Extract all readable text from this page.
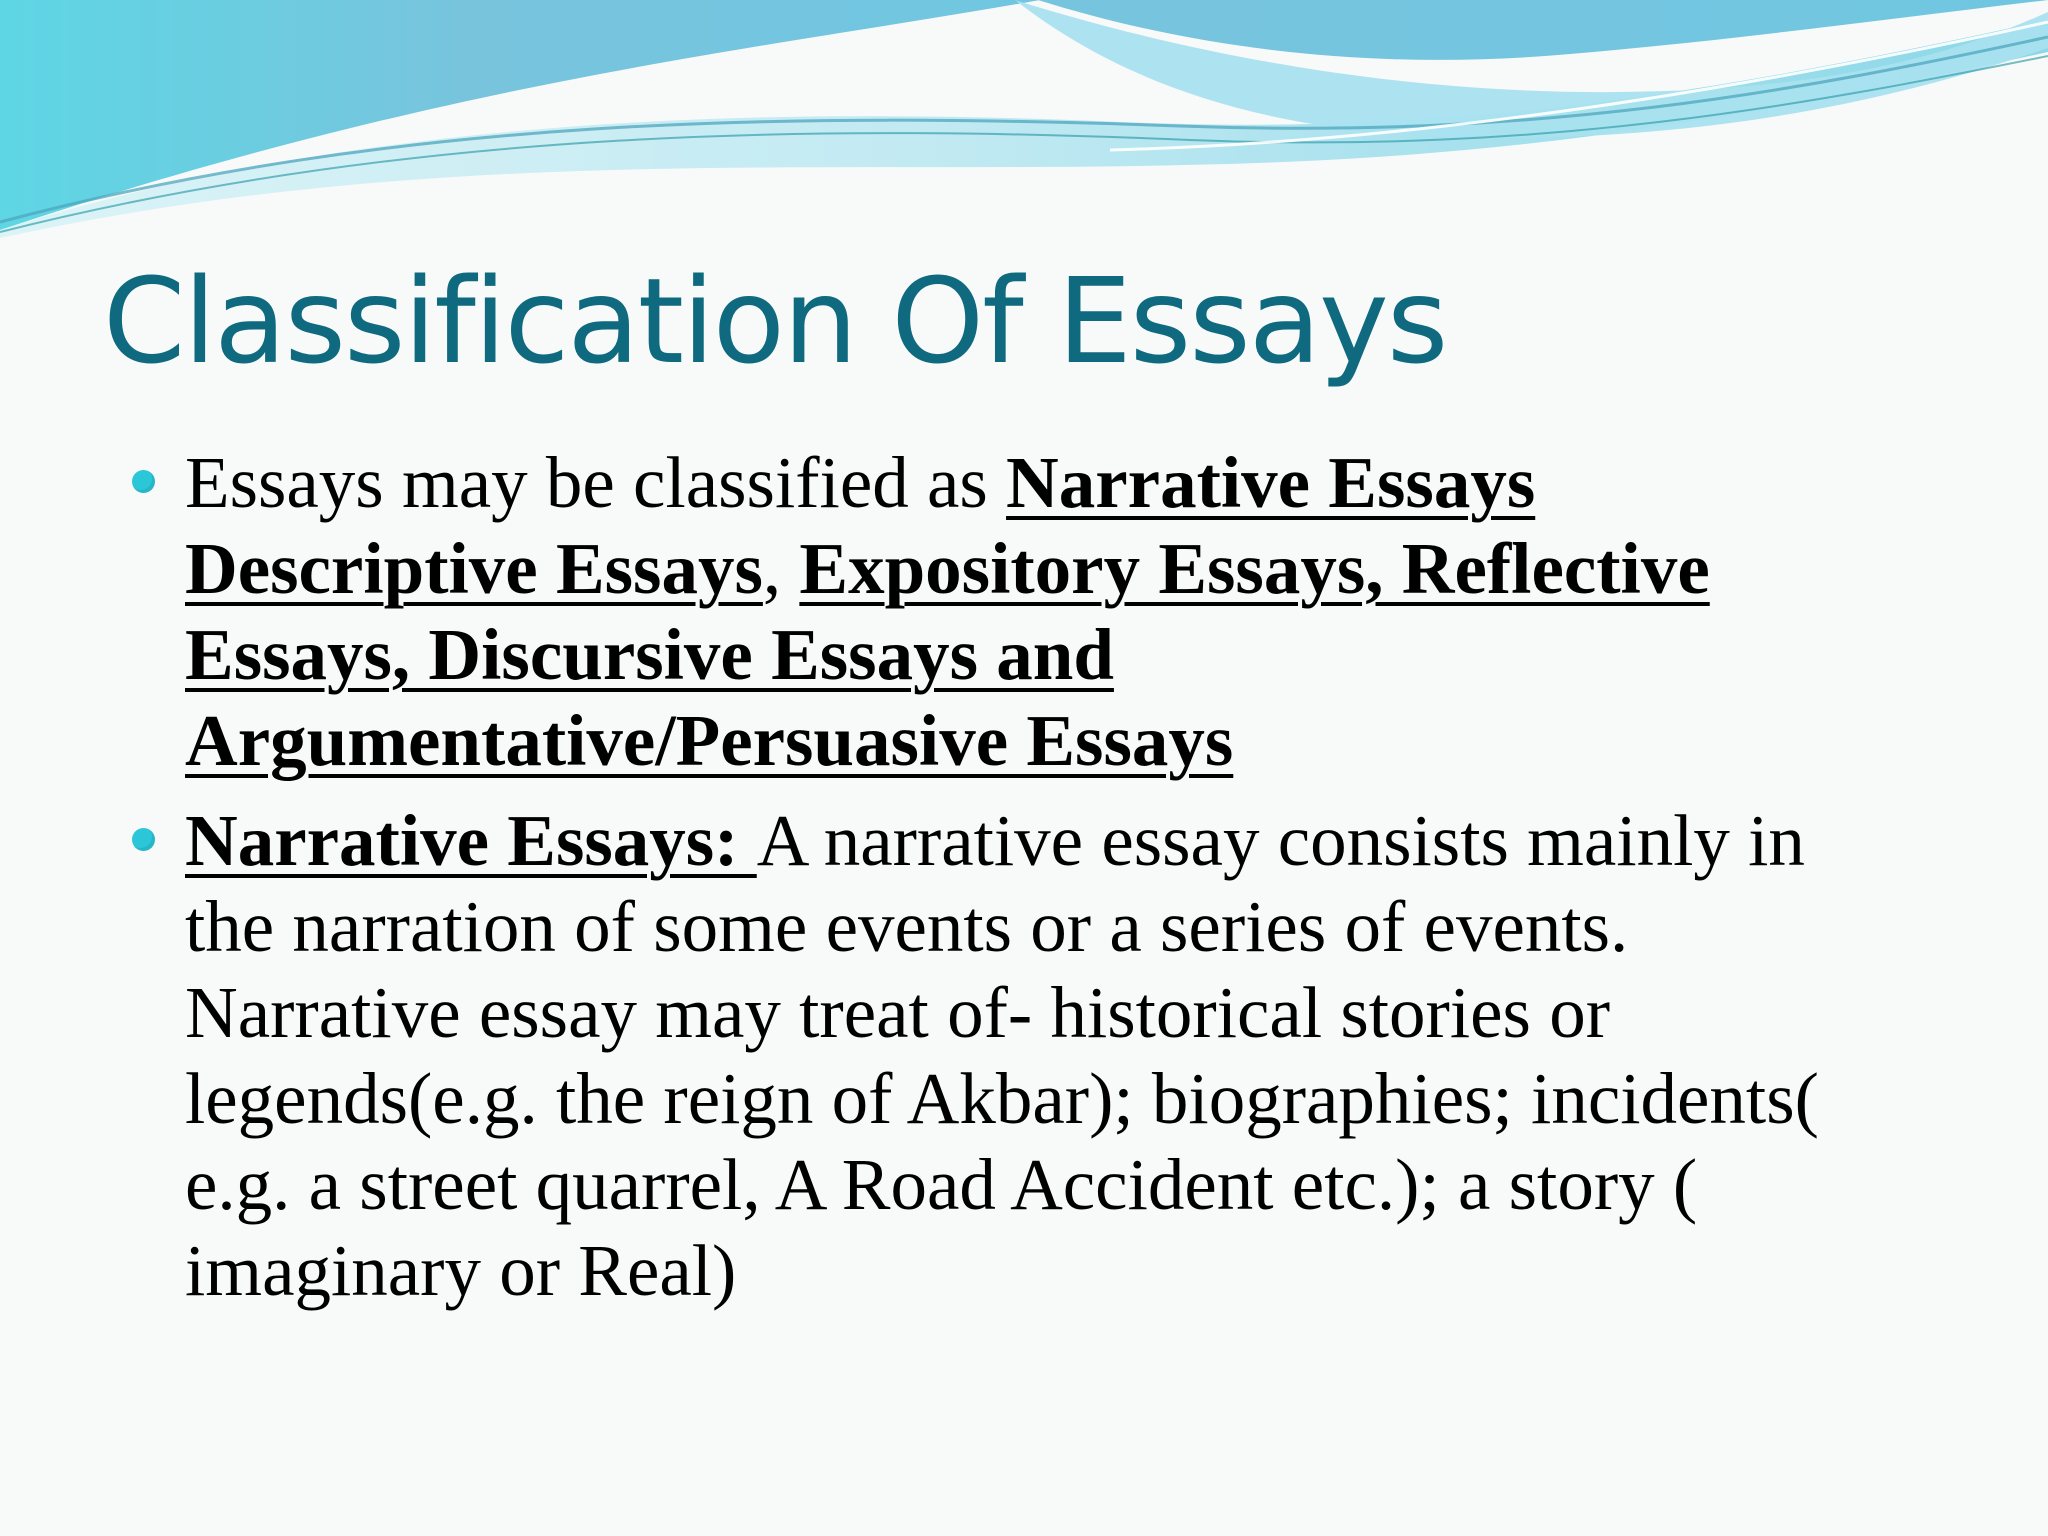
Classification Of Essays
Essays may be classified as Narrative Essays Descriptive Essays, Expository Essays, Reflective Essays, Discursive Essays and Argumentative/Persuasive Essays
Narrative Essays: A narrative essay consists mainly in the narration of some events or a series of events. Narrative essay may treat of- historical stories or legends(e.g. the reign of Akbar); biographies; incidents( e.g. a street quarrel, A Road Accident etc.); a story ( imaginary or Real)
